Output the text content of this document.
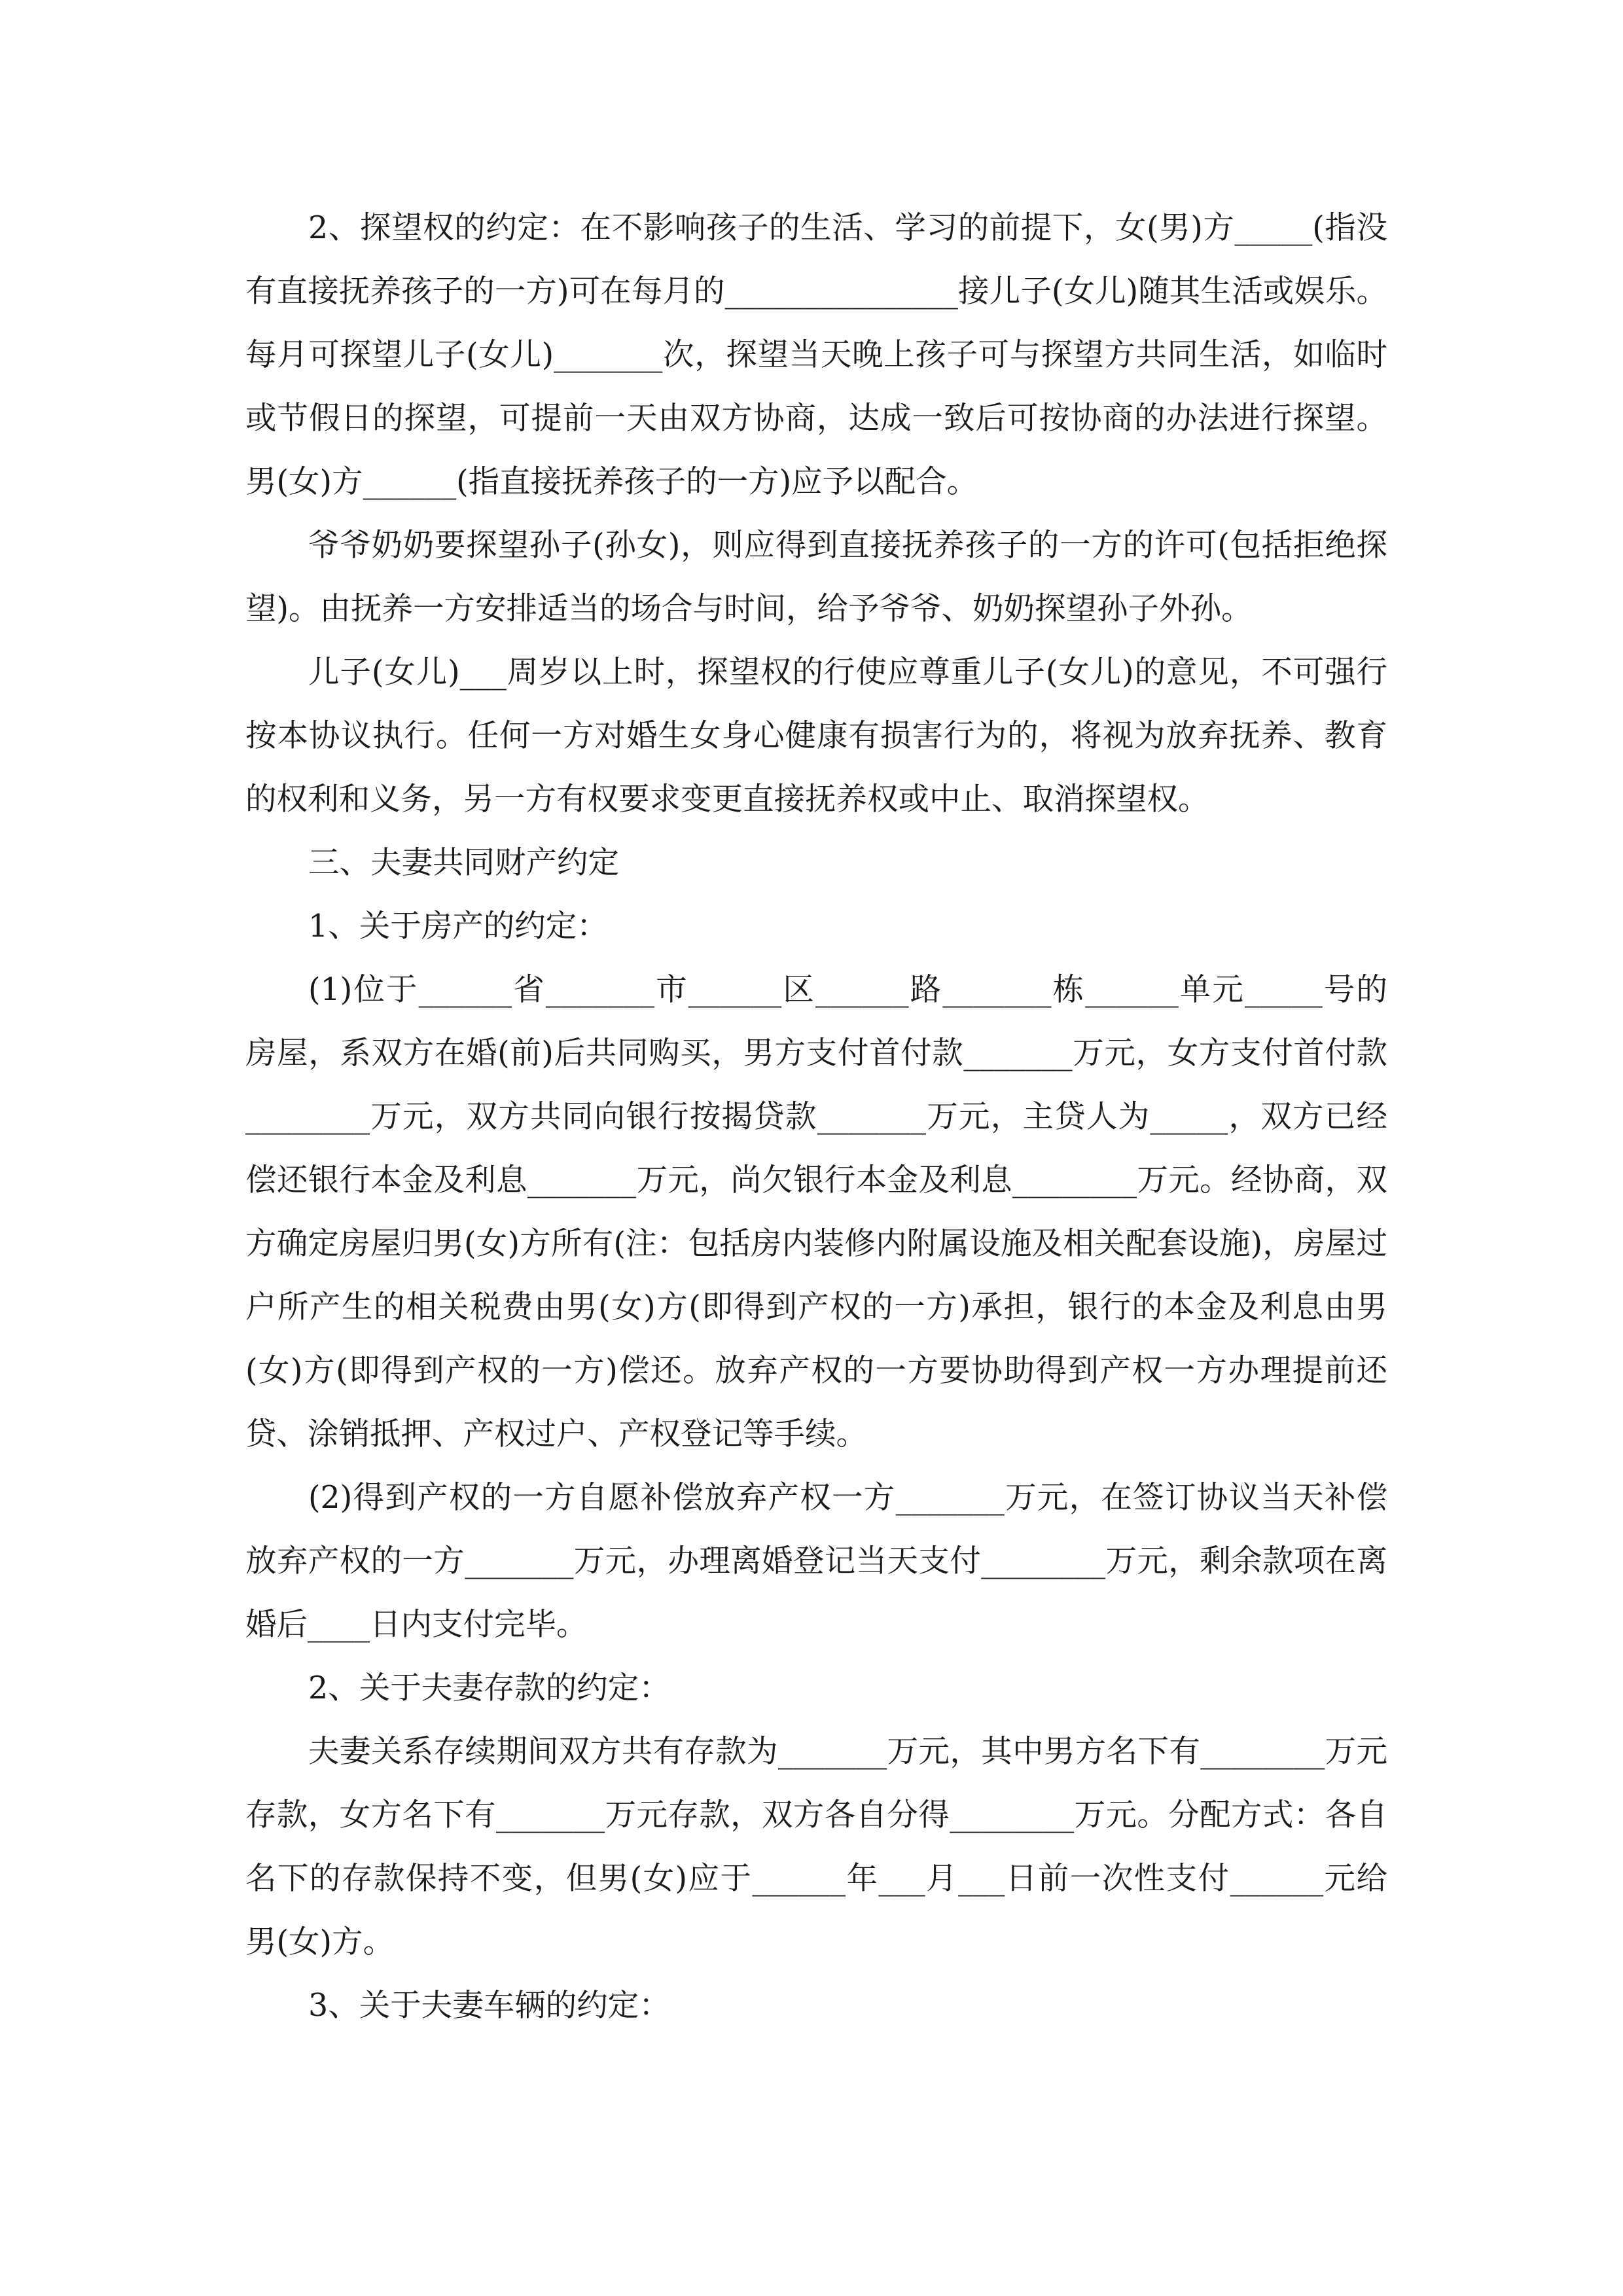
2、探望权的约定：在不影响孩子的生活、学习的前提下，女(男)方_____(指没有直接抚养孩子的一方)可在每月的_______________接儿子(女儿)随其生活或娱乐。每月可探望儿子(女儿)_______次，探望当天晚上孩子可与探望方共同生活，如临时或节假日的探望，可提前一天由双方协商，达成一致后可按协商的办法进行探望。男(女)方______(指直接抚养孩子的一方)应予以配合。

爷爷奶奶要探望孙子(孙女)，则应得到直接抚养孩子的一方的许可(包括拒绝探望)。由抚养一方安排适当的场合与时间，给予爷爷、奶奶探望孙子外孙。

儿子(女儿)___周岁以上时，探望权的行使应尊重儿子(女儿)的意见，不可强行按本协议执行。任何一方对婚生女身心健康有损害行为的，将视为放弃抚养、教育的权利和义务，另一方有权要求变更直接抚养权或中止、取消探望权。

三、夫妻共同财产约定

1、关于房产的约定：

(1)位于______省_______市______区______路_______栋______单元_____号的房屋，系双方在婚(前)后共同购买，男方支付首付款_______万元，女方支付首付款________万元，双方共同向银行按揭贷款_______万元，主贷人为_____，双方已经偿还银行本金及利息_______万元，尚欠银行本金及利息________万元。经协商，双方确定房屋归男(女)方所有(注：包括房内装修内附属设施及相关配套设施)，房屋过户所产生的相关税费由男(女)方(即得到产权的一方)承担，银行的本金及利息由男(女)方(即得到产权的一方)偿还。放弃产权的一方要协助得到产权一方办理提前还贷、涂销抵押、产权过户、产权登记等手续。

(2)得到产权的一方自愿补偿放弃产权一方_______万元，在签订协议当天补偿放弃产权的一方_______万元，办理离婚登记当天支付________万元，剩余款项在离婚后____日内支付完毕。

2、关于夫妻存款的约定：

夫妻关系存续期间双方共有存款为_______万元，其中男方名下有________万元存款，女方名下有_______万元存款，双方各自分得________万元。分配方式：各自名下的存款保持不变，但男(女)应于______年___月___日前一次性支付______元给男(女)方。

3、关于夫妻车辆的约定：
